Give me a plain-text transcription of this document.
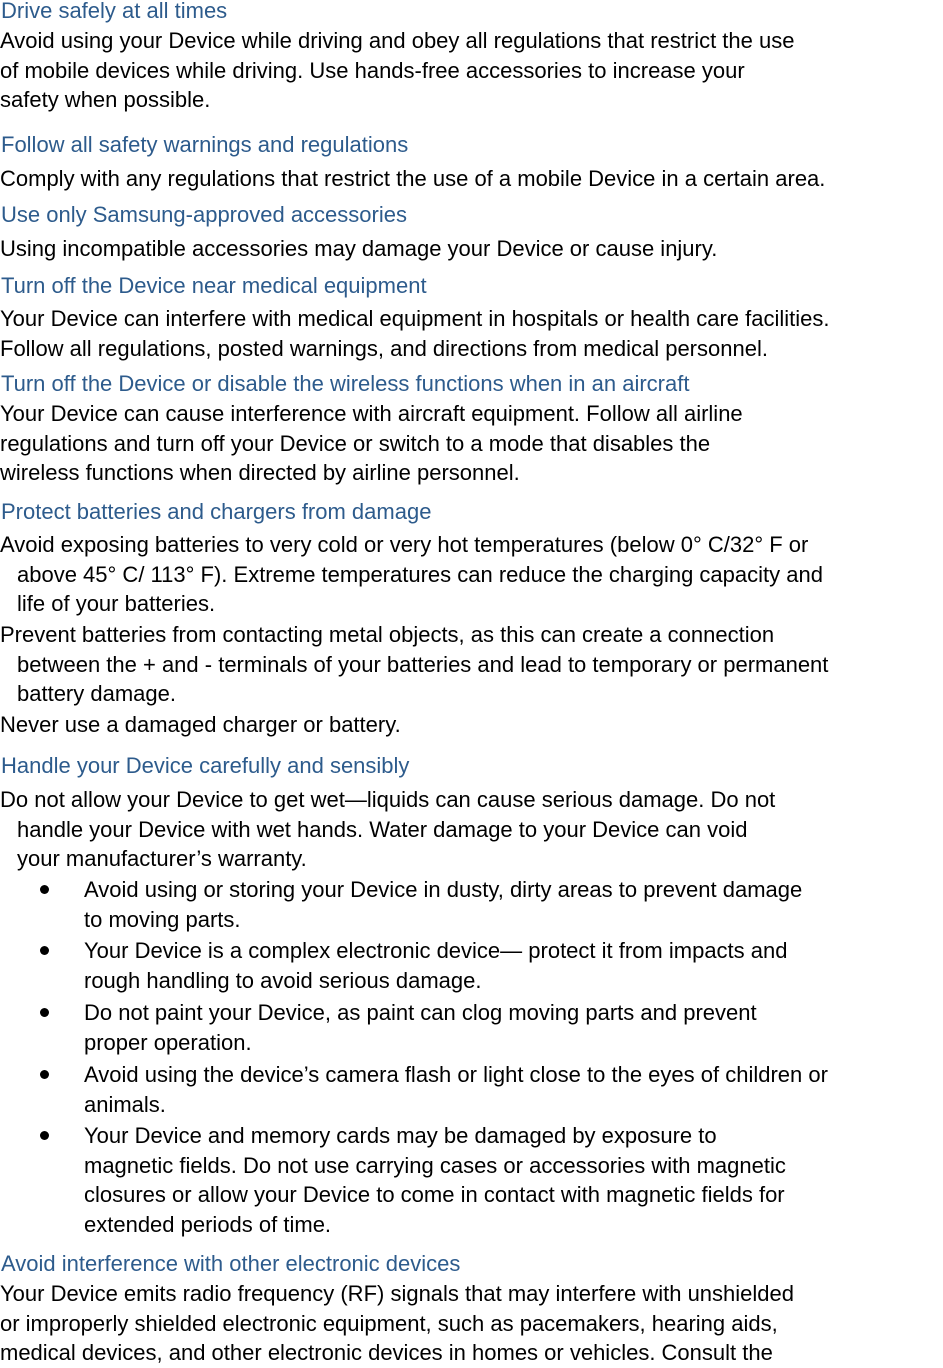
Drive safely at all times
Avoid using your Device while driving and obey all regulations that restrict the use
of mobile devices while driving. Use hands-free accessories to increase your
safety when possible.
Follow all safety warnings and regulations
Comply with any regulations that restrict the use of a mobile Device in a certain area.
Use only Samsung-approved accessories
Using incompatible accessories may damage your Device or cause injury.
Turn off the Device near medical equipment
Your Device can interfere with medical equipment in hospitals or health care facilities.
Follow all regulations, posted warnings, and directions from medical personnel.
Turn off the Device or disable the wireless functions when in an aircraft
Your Device can cause interference with aircraft equipment. Follow all airline
regulations and turn off your Device or switch to a mode that disables the
wireless functions when directed by airline personnel.
Protect batteries and chargers from damage
Avoid exposing batteries to very cold or very hot temperatures (below 0° C/32° F or
above 45° C/ 113° F). Extreme temperatures can reduce the charging capacity and
life of your batteries.
Prevent batteries from contacting metal objects, as this can create a connection
between the + and - terminals of your batteries and lead to temporary or permanent
battery damage.
Never use a damaged charger or battery.
Handle your Device carefully and sensibly
Do not allow your Device to get wet—liquids can cause serious damage. Do not
handle your Device with wet hands. Water damage to your Device can void
your manufacturer’s warranty.
Avoid using or storing your Device in dusty, dirty areas to prevent damage
to moving parts.
Your Device is a complex electronic device— protect it from impacts and
rough handling to avoid serious damage.
Do not paint your Device, as paint can clog moving parts and prevent
proper operation.
Avoid using the device’s camera flash or light close to the eyes of children or
animals.
Your Device and memory cards may be damaged by exposure to
magnetic fields. Do not use carrying cases or accessories with magnetic
closures or allow your Device to come in contact with magnetic fields for
extended periods of time.
Avoid interference with other electronic devices
Your Device emits radio frequency (RF) signals that may interfere with unshielded
or improperly shielded electronic equipment, such as pacemakers, hearing aids,
medical devices, and other electronic devices in homes or vehicles. Consult the
